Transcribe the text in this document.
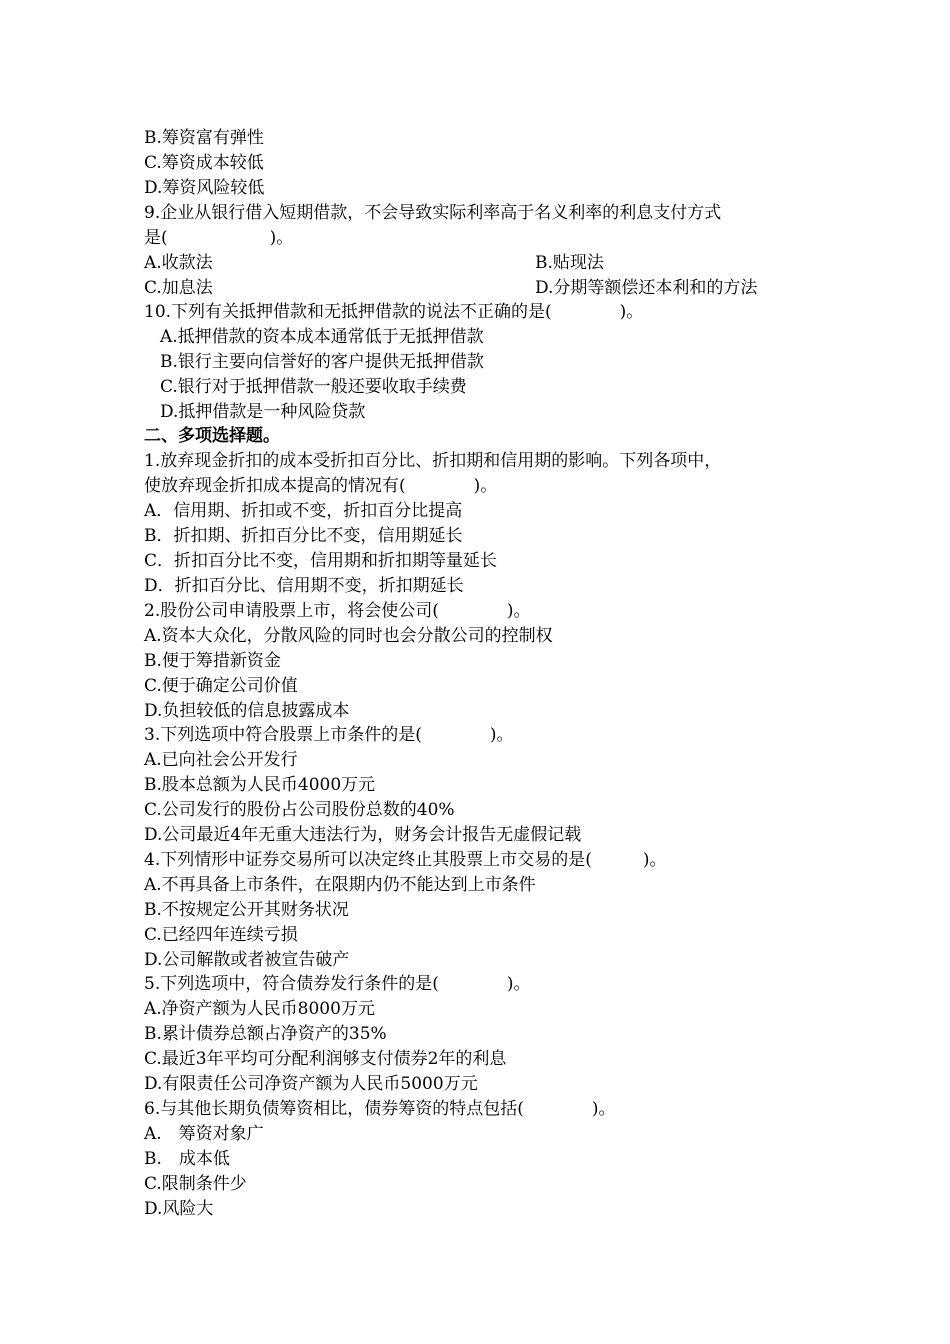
B.筹资富有弹性
C.筹资成本较低
D.筹资风险较低
9.企业从银行借入短期借款，不会导致实际利率高于名义利率的利息支付方式
是(　　　　　　)。
A.收款法	B.贴现法
C.加息法	D.分期等额偿还本利和的方法
10.下列有关抵押借款和无抵押借款的说法不正确的是(　　　　)。
A.抵押借款的资本成本通常低于无抵押借款
B.银行主要向信誉好的客户提供无抵押借款
C.银行对于抵押借款一般还要收取手续费
D.抵押借款是一种风险贷款
二、多项选择题。
1.放弃现金折扣的成本受折扣百分比、折扣期和信用期的影响。下列各项中，
使放弃现金折扣成本提高的情况有(　　　　)。
A．信用期、折扣或不变，折扣百分比提高
B．折扣期、折扣百分比不变，信用期延长
C．折扣百分比不变，信用期和折扣期等量延长
D．折扣百分比、信用期不变，折扣期延长
2.股份公司申请股票上市，将会使公司(　　　　)。
A.资本大众化，分散风险的同时也会分散公司的控制权
B.便于筹措新资金
C.便于确定公司价值
D.负担较低的信息披露成本
3.下列选项中符合股票上市条件的是(　　　　)。
A.已向社会公开发行
B.股本总额为人民币4000万元
C.公司发行的股份占公司股份总数的40%
D.公司最近4年无重大违法行为，财务会计报告无虚假记载
4.下列情形中证券交易所可以决定终止其股票上市交易的是(　　　)。
A.不再具备上市条件，在限期内仍不能达到上市条件
B.不按规定公开其财务状况
C.已经四年连续亏损
D.公司解散或者被宣告破产
5.下列选项中，符合债券发行条件的是(　　　　)。
A.净资产额为人民币8000万元
B.累计债券总额占净资产的35%
C.最近3年平均可分配利润够支付债券2年的利息
D.有限责任公司净资产额为人民币5000万元
6.与其他长期负债筹资相比，债券筹资的特点包括(　　　　)。
A.　筹资对象广
B.　成本低
C.限制条件少
D.风险大
